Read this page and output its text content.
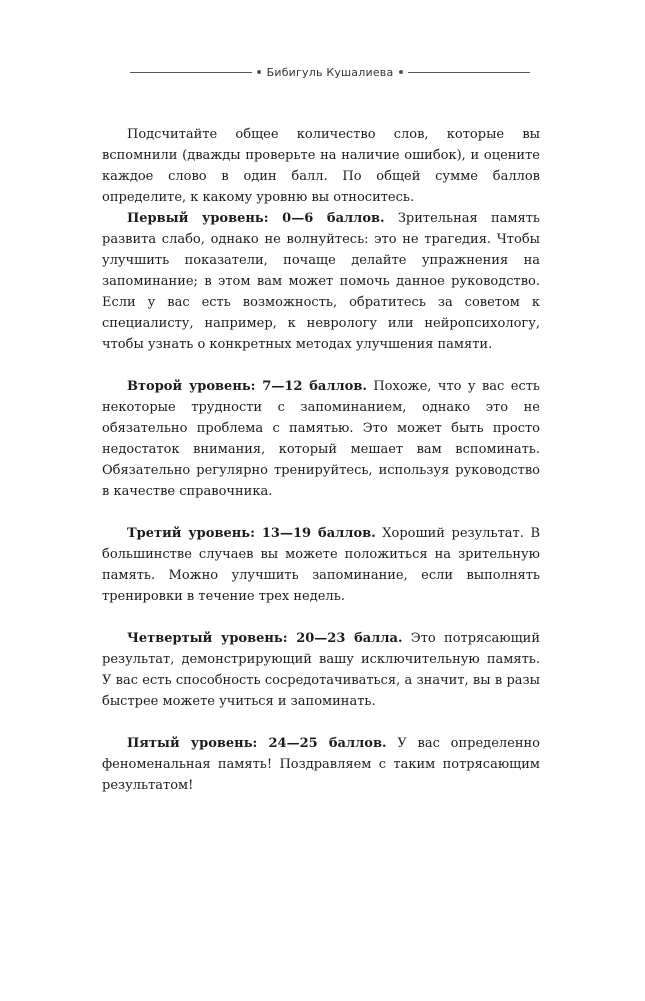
Бибигуль Кушалиева

Подсчитайте общее количество слов, которые вы вспомнили (дважды проверьте на наличие ошибок), и оцените каждое слово в один балл. По общей сумме баллов определите, к какому уровню вы относитесь.

Первый уровень: 0—6 баллов. Зрительная память развита слабо, однако не волнуйтесь: это не трагедия. Чтобы улучшить показатели, почаще делайте упражнения на запоминание; в этом вам может помочь данное руководство. Если у вас есть возможность, обратитесь за советом к специалисту, например, к неврологу или нейропсихологу, чтобы узнать о конкретных методах улучшения памяти.

Второй уровень: 7—12 баллов. Похоже, что у вас есть некоторые трудности с запоминанием, однако это не обязательно проблема с памятью. Это может быть просто недостаток внимания, который мешает вам вспоминать. Обязательно регулярно тренируйтесь, используя руководство в качестве справочника.

Третий уровень: 13—19 баллов. Хороший результат. В большинстве случаев вы можете положиться на зрительную память. Можно улучшить запоминание, если выполнять тренировки в течение трех недель.

Четвертый уровень: 20—23 балла. Это потрясающий результат, демонстрирующий вашу исключительную память. У вас есть способность сосредотачиваться, а значит, вы в разы быстрее можете учиться и запоминать.

Пятый уровень: 24—25 баллов. У вас определенно феноменальная память! Поздравляем с таким потрясающим результатом!
